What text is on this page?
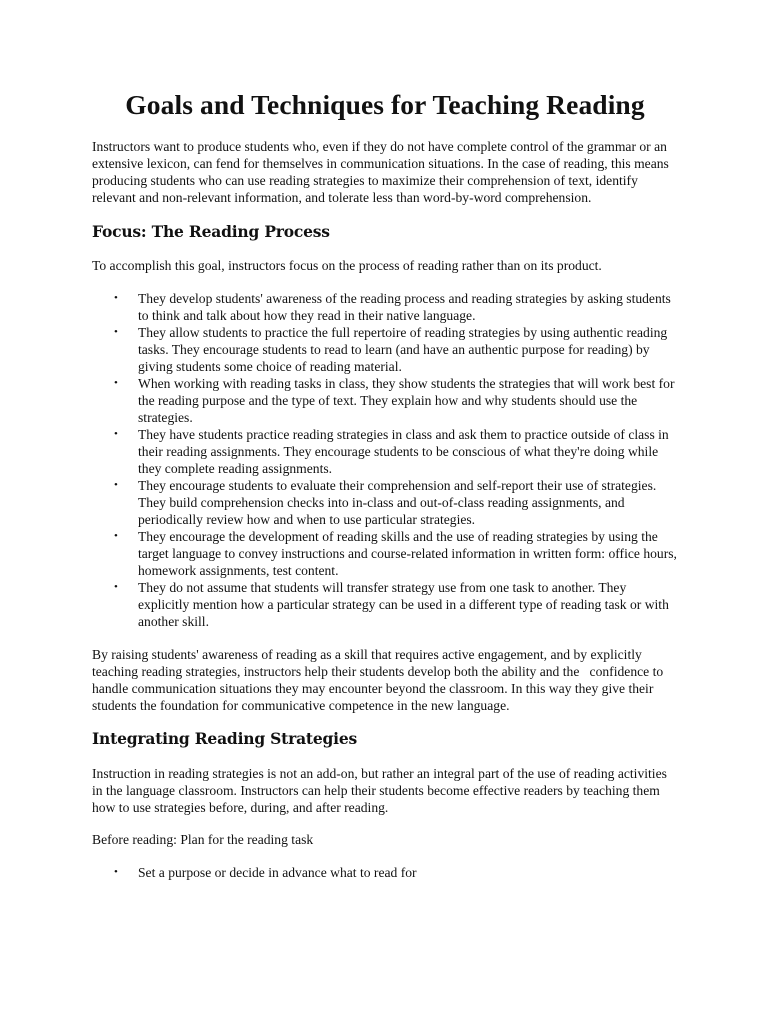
Goals and Techniques for Teaching Reading

Instructors want to produce students who, even if they do not have complete control of the grammar or an extensive lexicon, can fend for themselves in communication situations. In the case of reading, this means producing students who can use reading strategies to maximize their comprehension of text, identify relevant and non-relevant information, and tolerate less than word-by-word comprehension.

Focus: The Reading Process

To accomplish this goal, instructors focus on the process of reading rather than on its product.

• They develop students' awareness of the reading process and reading strategies by asking students to think and talk about how they read in their native language.
• They allow students to practice the full repertoire of reading strategies by using authentic reading tasks. They encourage students to read to learn (and have an authentic purpose for reading) by giving students some choice of reading material.
• When working with reading tasks in class, they show students the strategies that will work best for the reading purpose and the type of text. They explain how and why students should use the strategies.
• They have students practice reading strategies in class and ask them to practice outside of class in their reading assignments. They encourage students to be conscious of what they're doing while they complete reading assignments.
• They encourage students to evaluate their comprehension and self-report their use of strategies. They build comprehension checks into in-class and out-of-class reading assignments, and periodically review how and when to use particular strategies.
• They encourage the development of reading skills and the use of reading strategies by using the target language to convey instructions and course-related information in written form: office hours, homework assignments, test content.
• They do not assume that students will transfer strategy use from one task to another. They explicitly mention how a particular strategy can be used in a different type of reading task or with another skill.

By raising students' awareness of reading as a skill that requires active engagement, and by explicitly teaching reading strategies, instructors help their students develop both the ability and the   confidence to handle communication situations they may encounter beyond the classroom. In this way they give their students the foundation for communicative competence in the new language.

Integrating Reading Strategies

Instruction in reading strategies is not an add-on, but rather an integral part of the use of reading activities in the language classroom. Instructors can help their students become effective readers by teaching them how to use strategies before, during, and after reading.

Before reading: Plan for the reading task

• Set a purpose or decide in advance what to read for
